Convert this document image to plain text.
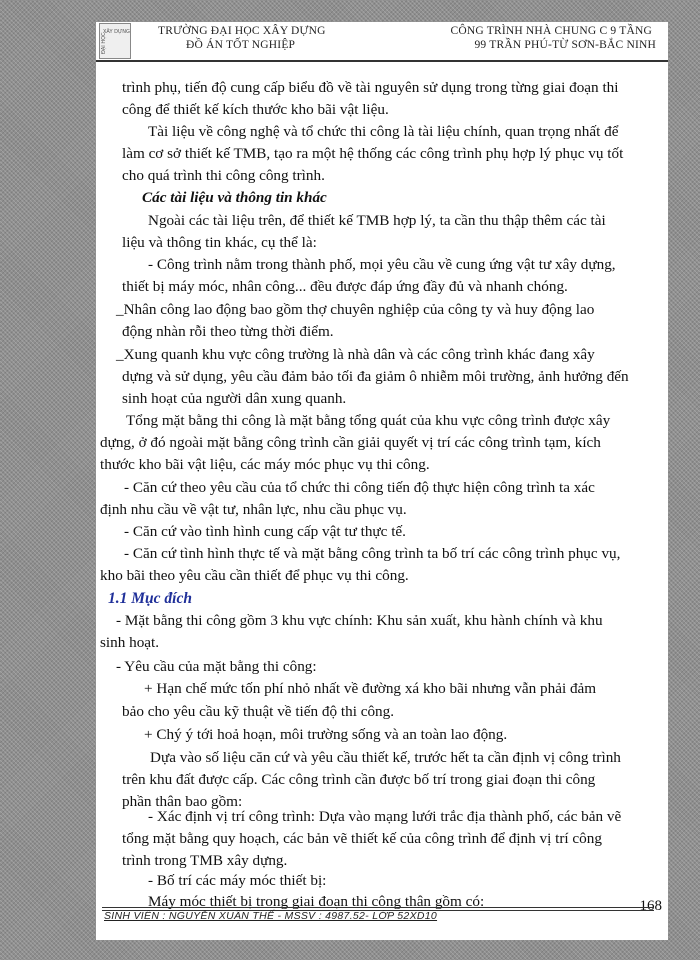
XÂY DỰNG
ĐẠI HỌC
TRƯỜNG ĐẠI HỌC XÂY DỰNG
ĐỒ ÁN TỐT NGHIỆP
CÔNG TRÌNH NHÀ CHUNG C 9 TẦNG
99 TRẦN PHÚ-TỪ SƠN-BẮC NINH
trình phụ, tiến độ cung cấp biểu đồ về tài nguyên sử dụng trong từng giai đoạn thi
công để thiết kế kích thước kho bãi vật liệu.
Tài liệu về công nghệ và tổ chức thi công là tài liệu chính, quan trọng nhất để
làm cơ sở thiết kế TMB, tạo ra một hệ thống các công trình phụ hợp lý phục vụ tốt
cho quá trình thi công công trình.
Các tài liệu và thông tin khác
Ngoài các tài liệu trên, để thiết kế TMB hợp lý, ta cần thu thập thêm các tài
liệu và thông tin khác, cụ thể là:
- Công trình nằm trong thành phố, mọi yêu cầu về cung ứng vật tư xây dựng,
thiết bị máy móc, nhân công... đều được đáp ứng đầy đủ và nhanh chóng.
_Nhân công lao động bao gồm thợ chuyên nghiệp của công ty và huy động lao
động nhàn rỗi theo từng thời điểm.
_Xung quanh khu vực công trường là nhà dân và các công trình khác đang xây
dựng và sử dụng, yêu cầu đảm bảo tối đa giảm ô nhiễm môi trường, ảnh hưởng đến
sinh hoạt của người dân xung quanh.
Tổng mặt bằng thi công là mặt bằng tổng quát của khu vực công trình được xây
dựng, ở đó ngoài mặt bằng công trình cần giải quyết vị trí các công trình tạm, kích
thước kho bãi vật liệu, các máy móc phục vụ thi công.
- Căn cứ theo yêu cầu của tổ chức thi công tiến độ thực hiện công trình ta xác
định nhu cầu về vật tư, nhân lực, nhu cầu phục vụ.
- Căn cứ vào tình hình cung cấp vật tư thực tế.
- Căn cứ tình hình thực tế và mặt bằng công trình ta bố trí các công trình phục vụ,
kho bãi theo yêu cầu cần thiết để phục vụ thi công.
1.1 Mục đích
- Mặt bằng thi công gồm 3 khu vực chính: Khu sản xuất, khu hành chính và khu
sinh hoạt.
- Yêu cầu của mặt bằng thi công:
+ Hạn chế mức tốn phí nhỏ nhất về đường xá kho bãi nhưng vẫn phải đảm
bảo cho yêu cầu kỹ thuật về tiến độ thi công.
+ Chý ý tới hoả hoạn, môi trường sống và an toàn lao động.
Dựa vào số liệu căn cứ và yêu cầu thiết kế, trước hết ta cần định vị công trình
trên khu đất được cấp. Các công trình cần được bố trí trong giai đoạn thi công
phần thân bao gồm:
- Xác định vị trí công trình: Dựa vào mạng lưới trắc địa thành phố, các bản vẽ
tổng mặt bằng quy hoạch, các bản vẽ thiết kế của công trình để định vị trí công
trình trong TMB xây dựng.
- Bố trí các máy móc thiết bị:
Máy móc thiết bị trong giai đoạn thi công thân gồm có:	168
SINH VIÊN : NGUYỄN XUÂN THẾ - MSSV : 4987.52- LỚP 52XD10
